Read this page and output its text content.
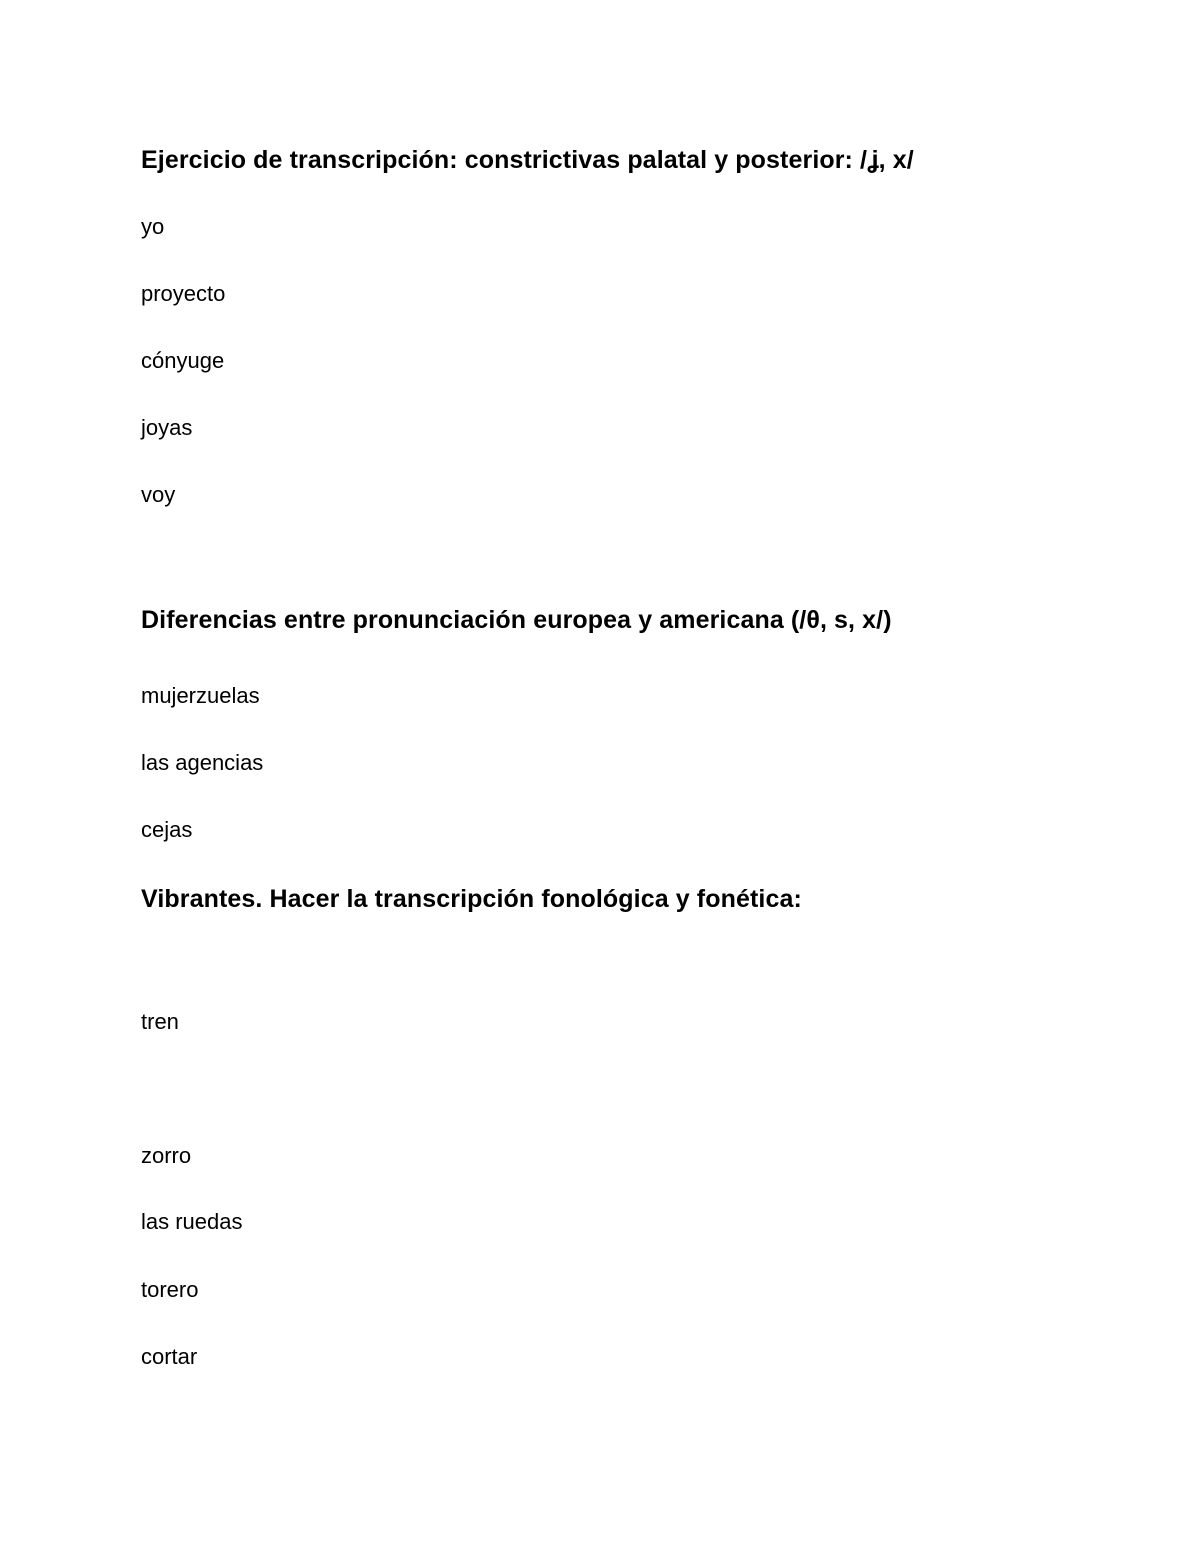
Ejercicio de transcripción: constrictivas palatal y posterior: /ʝ, x/

yo

proyecto

cónyuge

joyas

voy

Diferencias entre pronunciación europea y americana (/θ, s, x/)

mujerzuelas

las agencias

cejas

Vibrantes. Hacer la transcripción fonológica y fonética:

tren

zorro

las ruedas

torero

cortar
